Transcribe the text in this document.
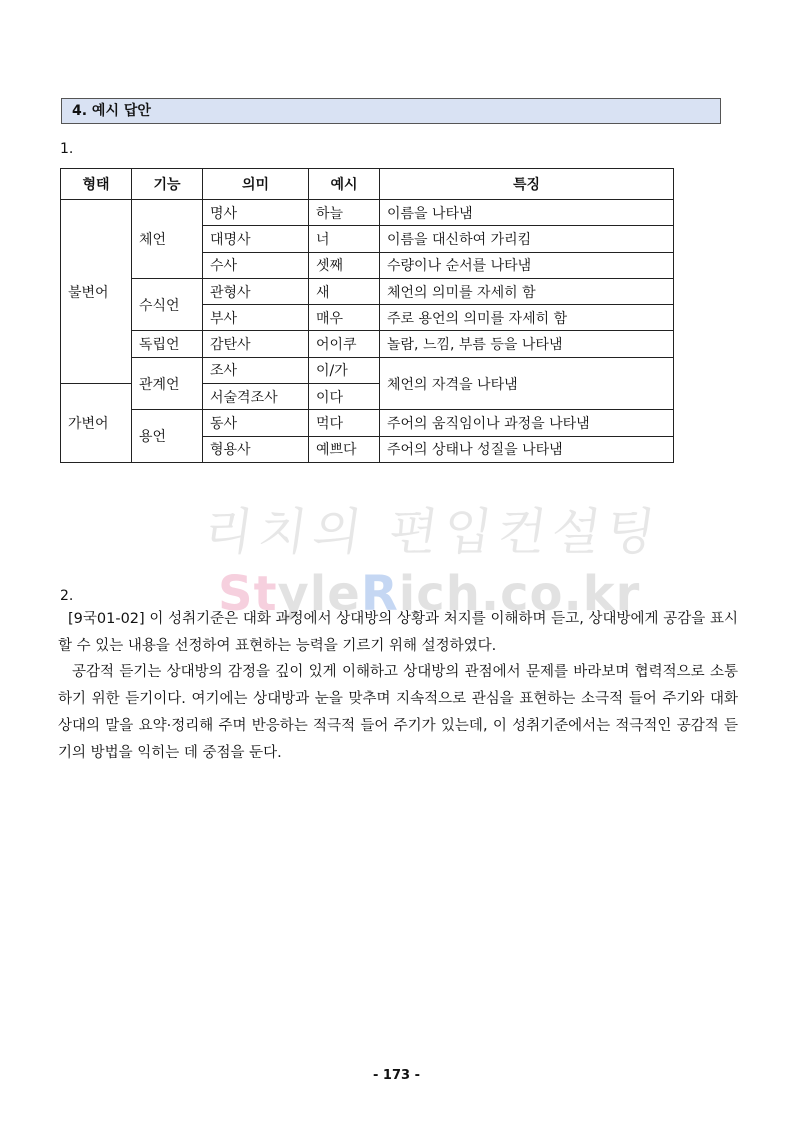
4. 예시 답안
1.
형태	기능	의미	예시	특징
불변어	체언	명사	하늘	이름을 나타냄
		대명사	너	이름을 대신하여 가리킴
		수사	셋째	수량이나 순서를 나타냄
	수식언	관형사	새	체언의 의미를 자세히 함
		부사	매우	주로 용언의 의미를 자세히 함
	독립언	감탄사	어이쿠	놀람, 느낌, 부름 등을 나타냄
	관계언	조사	이/가	체언의 자격을 나타냄
가변어		서술격조사	이다	
	용언	동사	먹다	주어의 움직임이나 과정을 나타냄
		형용사	예쁘다	주어의 상태나 성질을 나타냄
리치의 편입컨설팅
StyleRich.co.kr
2.
[9국01-02] 이 성취기준은 대화 과정에서 상대방의 상황과 처지를 이해하며 듣고, 상대방에게 공감을 표시할 수 있는 내용을 선정하여 표현하는 능력을 기르기 위해 설정하였다.
공감적 듣기는 상대방의 감정을 깊이 있게 이해하고 상대방의 관점에서 문제를 바라보며 협력적으로 소통하기 위한 듣기이다. 여기에는 상대방과 눈을 맞추며 지속적으로 관심을 표현하는 소극적 들어 주기와 대화 상대의 말을 요약·정리해 주며 반응하는 적극적 들어 주기가 있는데, 이 성취기준에서는 적극적인 공감적 듣기의 방법을 익히는 데 중점을 둔다.
- 173 -
